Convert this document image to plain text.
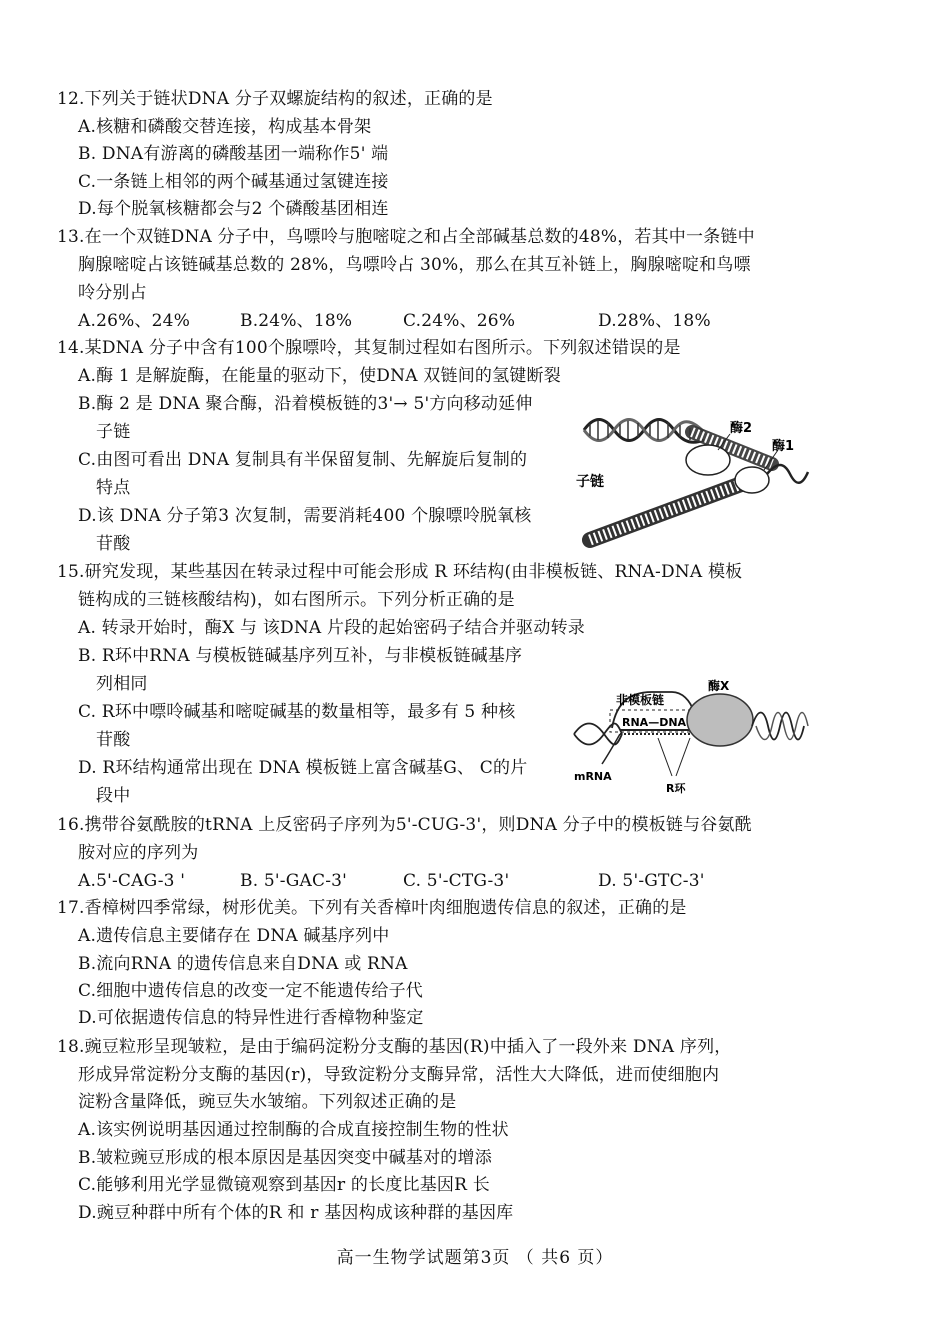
12.下列关于链状DNA 分子双螺旋结构的叙述，正确的是
A.核糖和磷酸交替连接，构成基本骨架
B. DNA有游离的磷酸基团一端称作5' 端
C.一条链上相邻的两个碱基通过氢键连接
D.每个脱氧核糖都会与2 个磷酸基团相连
13.在一个双链DNA 分子中，鸟嘌呤与胞嘧啶之和占全部碱基总数的48%，若其中一条链中
胸腺嘧啶占该链碱基总数的 28%，鸟嘌呤占 30%，那么在其互补链上，胸腺嘧啶和鸟嘌
呤分别占
A.26%、24%	B.24%、18%	C.24%、26%	D.28%、18%
14.某DNA 分子中含有100个腺嘌呤，其复制过程如右图所示。下列叙述错误的是
A.酶 1 是解旋酶，在能量的驱动下，使DNA 双链间的氢键断裂
B.酶 2 是 DNA 聚合酶，沿着模板链的3'→ 5'方向移动延伸
子链
C.由图可看出 DNA 复制具有半保留复制、先解旋后复制的
特点
D.该 DNA 分子第3 次复制，需要消耗400 个腺嘌呤脱氧核
苷酸
酶2
酶1
子链
15.研究发现，某些基因在转录过程中可能会形成 R 环结构(由非模板链、RNA-DNA 模板
链构成的三链核酸结构)，如右图所示。下列分析正确的是
A. 转录开始时，酶X 与 该DNA 片段的起始密码子结合并驱动转录
B. R环中RNA 与模板链碱基序列互补，与非模板链碱基序
列相同
C. R环中嘌呤碱基和嘧啶碱基的数量相等，最多有 5 种核
苷酸
D. R环结构通常出现在 DNA 模板链上富含碱基G、 C的片
段中
非模板链
RNA—DNA
酶X
mRNA
R环
16.携带谷氨酰胺的tRNA 上反密码子序列为5'-CUG-3'，则DNA 分子中的模板链与谷氨酰
胺对应的序列为
A.5'-CAG-3 '	B. 5'-GAC-3'	C. 5'-CTG-3'	D. 5'-GTC-3'
17.香樟树四季常绿，树形优美。下列有关香樟叶肉细胞遗传信息的叙述，正确的是
A.遗传信息主要储存在 DNA 碱基序列中
B.流向RNA 的遗传信息来自DNA 或 RNA
C.细胞中遗传信息的改变一定不能遗传给子代
D.可依据遗传信息的特异性进行香樟物种鉴定
18.豌豆粒形呈现皱粒，是由于编码淀粉分支酶的基因(R)中插入了一段外来 DNA 序列，
形成异常淀粉分支酶的基因(r)，导致淀粉分支酶异常，活性大大降低，进而使细胞内
淀粉含量降低，豌豆失水皱缩。下列叙述正确的是
A.该实例说明基因通过控制酶的合成直接控制生物的性状
B.皱粒豌豆形成的根本原因是基因突变中碱基对的增添
C.能够利用光学显微镜观察到基因r 的长度比基因R 长
D.豌豆种群中所有个体的R 和 r 基因构成该种群的基因库
高一生物学试题第3页 （ 共6 页）
